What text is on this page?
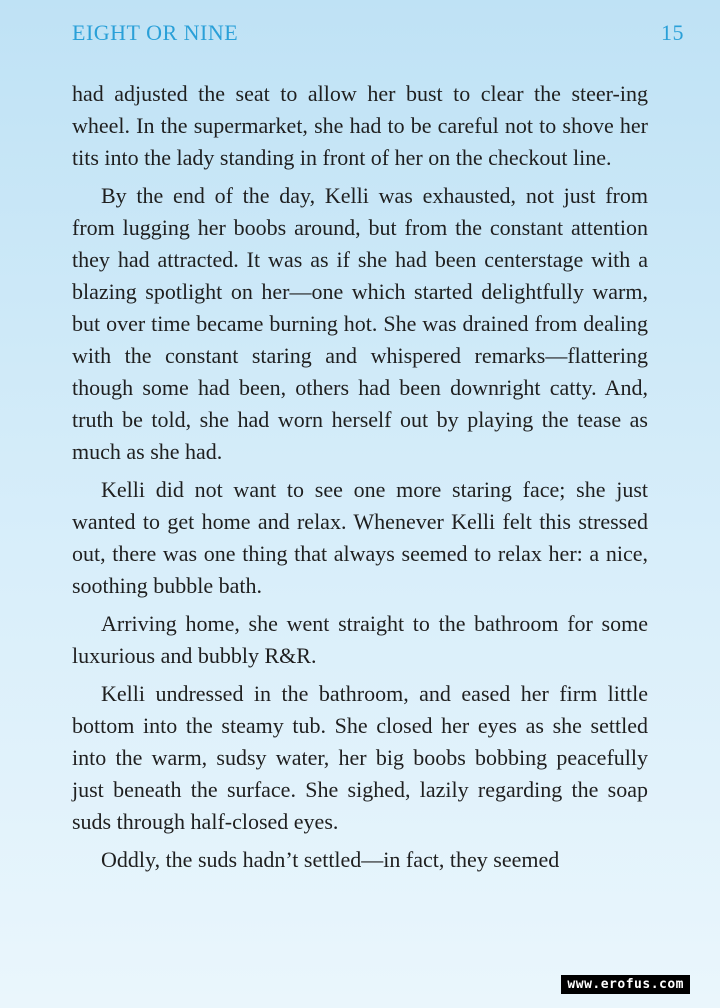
EIGHT OR NINE	15

had adjusted the seat to allow her bust to clear the steer-ing wheel. In the supermarket, she had to be careful not to shove her tits into the lady standing in front of her on the checkout line.

By the end of the day, Kelli was exhausted, not just from from lugging her boobs around, but from the constant attention they had attracted. It was as if she had been centerstage with a blazing spotlight on her—one which started delightfully warm, but over time became burning hot. She was drained from dealing with the constant staring and whispered remarks—flattering though some had been, others had been downright catty. And, truth be told, she had worn herself out by playing the tease as much as she had.

Kelli did not want to see one more staring face; she just wanted to get home and relax. Whenever Kelli felt this stressed out, there was one thing that always seemed to relax her: a nice, soothing bubble bath.

Arriving home, she went straight to the bathroom for some luxurious and bubbly R&R.

Kelli undressed in the bathroom, and eased her firm little bottom into the steamy tub. She closed her eyes as she settled into the warm, sudsy water, her big boobs bobbing peacefully just beneath the surface. She sighed, lazily regarding the soap suds through half-closed eyes.

Oddly, the suds hadn’t settled—in fact, they seemed

www.erofus.com
